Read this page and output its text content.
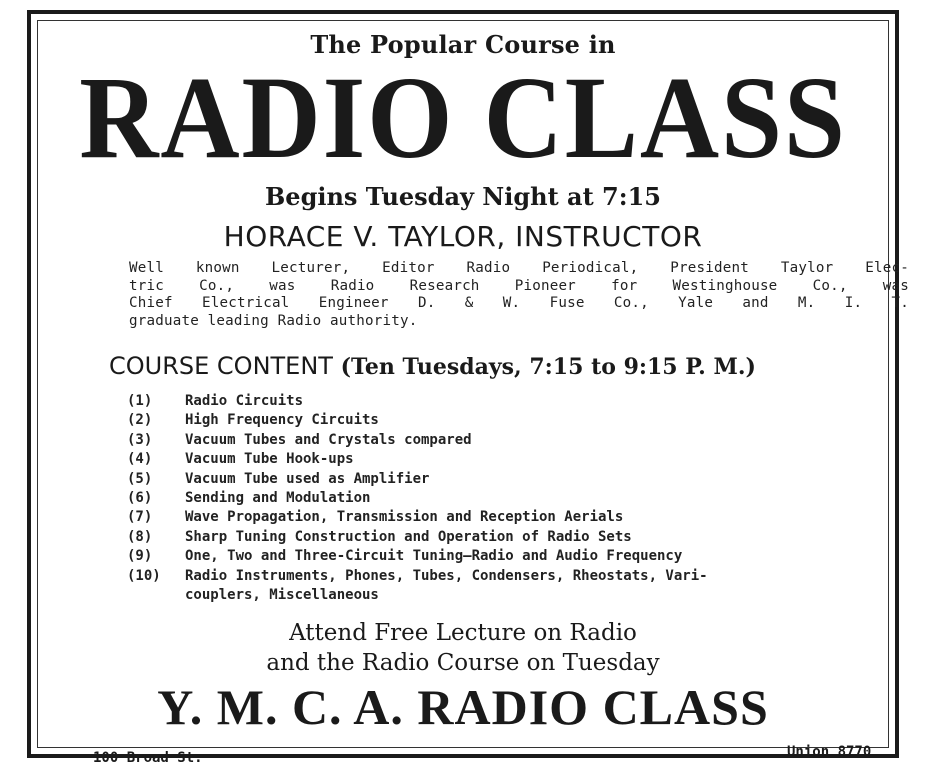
The Popular Course in
RADIO CLASS
Begins Tuesday Night at 7:15
HORACE V. TAYLOR, INSTRUCTOR
Well known Lecturer, Editor Radio Periodical, President Taylor Elec-
tric Co., was Radio Research Pioneer for Westinghouse Co., was
Chief Electrical Engineer D. & W. Fuse Co., Yale and M. I. T.
graduate leading Radio authority.
COURSE CONTENT (Ten Tuesdays, 7:15 to 9:15 P. M.)
(1)	Radio Circuits
(2)	High Frequency Circuits
(3)	Vacuum Tubes and Crystals compared
(4)	Vacuum Tube Hook-ups
(5)	Vacuum Tube used as Amplifier
(6)	Sending and Modulation
(7)	Wave Propagation, Transmission and Reception Aerials
(8)	Sharp Tuning Construction and Operation of Radio Sets
(9)	One, Two and Three-Circuit Tuning—Radio and Audio Frequency
(10)	Radio Instruments, Phones, Tubes, Condensers, Rheostats, Vari-
couplers, Miscellaneous
Attend Free Lecture on Radio
and the Radio Course on Tuesday
Y. M. C. A. RADIO CLASS
100 Broad St.	Union 8770
